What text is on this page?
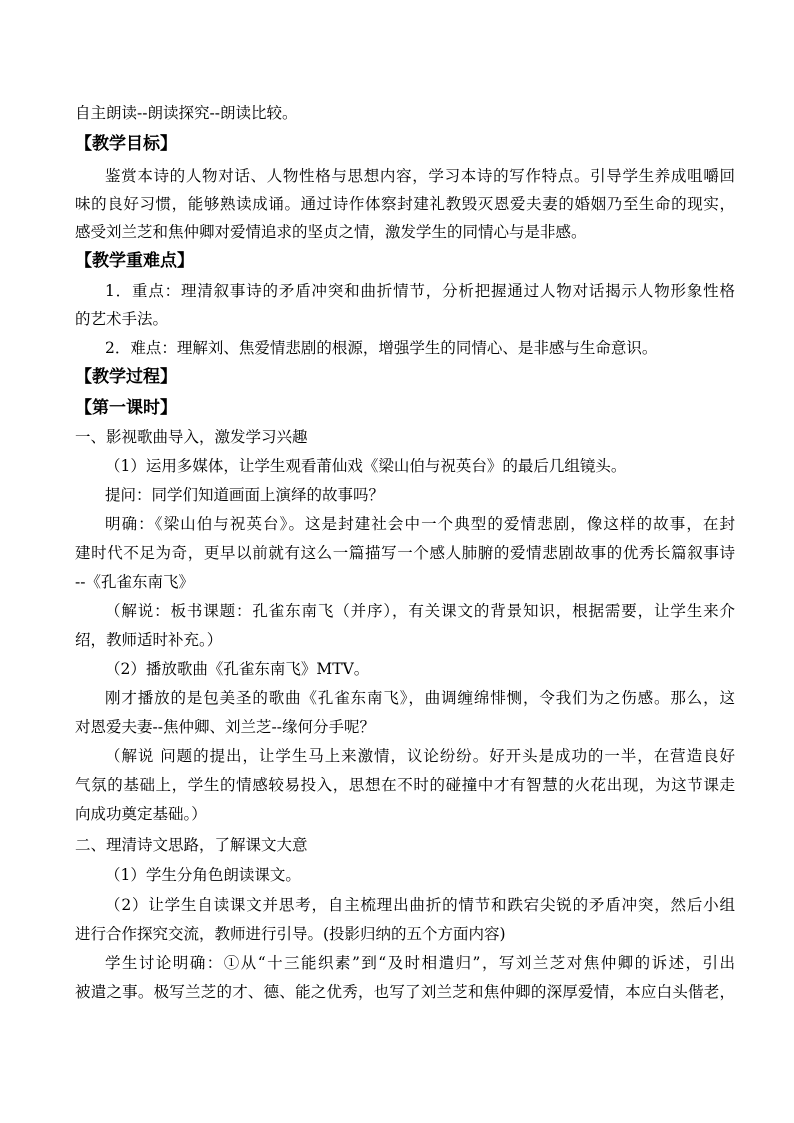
自主朗读--朗读探究--朗读比较。
【教学目标】
鉴赏本诗的人物对话、人物性格与思想内容，学习本诗的写作特点。引导学生养成咀嚼回
味的良好习惯，能够熟读成诵。通过诗作体察封建礼教毁灭恩爱夫妻的婚姻乃至生命的现实，
感受刘兰芝和焦仲卿对爱情追求的坚贞之情，激发学生的同情心与是非感。
【教学重难点】
1．重点：理清叙事诗的矛盾冲突和曲折情节，分析把握通过人物对话揭示人物形象性格
的艺术手法。
2．难点：理解刘、焦爱情悲剧的根源，增强学生的同情心、是非感与生命意识。
【教学过程】
【第一课时】
一、影视歌曲导入，激发学习兴趣
（1）运用多媒体，让学生观看莆仙戏《梁山伯与祝英台》的最后几组镜头。
提问：同学们知道画面上演绎的故事吗？
明确：《梁山伯与祝英台》。这是封建社会中一个典型的爱情悲剧，像这样的故事，在封
建时代不足为奇，更早以前就有这么一篇描写一个感人肺腑的爱情悲剧故事的优秀长篇叙事诗
--《孔雀东南飞》
（解说：板书课题：孔雀东南飞（并序），有关课文的背景知识，根据需要，让学生来介
绍，教师适时补充。）
（2）播放歌曲《孔雀东南飞》MTV。
刚才播放的是包美圣的歌曲《孔雀东南飞》，曲调缠绵悱恻，令我们为之伤感。那么，这
对恩爱夫妻--焦仲卿、刘兰芝--缘何分手呢？
（解说 问题的提出，让学生马上来激情，议论纷纷。好开头是成功的一半，在营造良好
气氛的基础上，学生的情感较易投入，思想在不时的碰撞中才有智慧的火花出现，为这节课走
向成功奠定基础。）
二、理清诗文思路，了解课文大意
（1）学生分角色朗读课文。
（2）让学生自读课文并思考，自主梳理出曲折的情节和跌宕尖锐的矛盾冲突，然后小组
进行合作探究交流，教师进行引导。(投影归纳的五个方面内容)
学生讨论明确：①从“十三能织素”到“及时相遣归”，写刘兰芝对焦仲卿的诉述，引出
被遣之事。极写兰芝的才、德、能之优秀，也写了刘兰芝和焦仲卿的深厚爱情，本应白头偕老，
